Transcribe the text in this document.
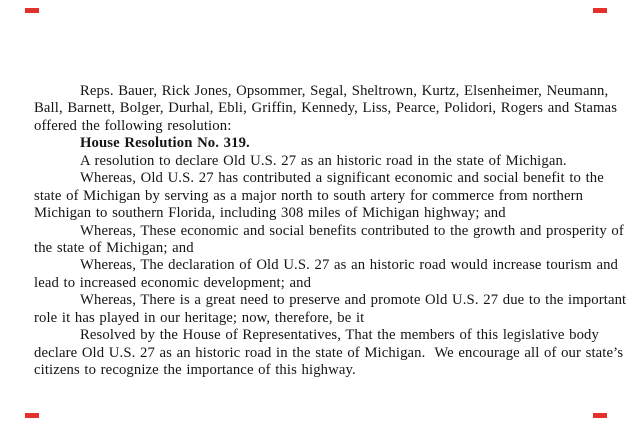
Reps. Bauer, Rick Jones, Opsommer, Segal, Sheltrown, Kurtz, Elsenheimer, Neumann,
Ball, Barnett, Bolger, Durhal, Ebli, Griffin, Kennedy, Liss, Pearce, Polidori, Rogers and Stamas
offered the following resolution:
House Resolution No. 319.
A resolution to declare Old U.S. 27 as an historic road in the state of Michigan.
Whereas, Old U.S. 27 has contributed a significant economic and social benefit to the
state of Michigan by serving as a major north to south artery for commerce from northern
Michigan to southern Florida, including 308 miles of Michigan highway; and
Whereas, These economic and social benefits contributed to the growth and prosperity of
the state of Michigan; and
Whereas, The declaration of Old U.S. 27 as an historic road would increase tourism and
lead to increased economic development; and
Whereas, There is a great need to preserve and promote Old U.S. 27 due to the important
role it has played in our heritage; now, therefore, be it
Resolved by the House of Representatives, That the members of this legislative body
declare Old U.S. 27 as an historic road in the state of Michigan.  We encourage all of our state’s
citizens to recognize the importance of this highway.
